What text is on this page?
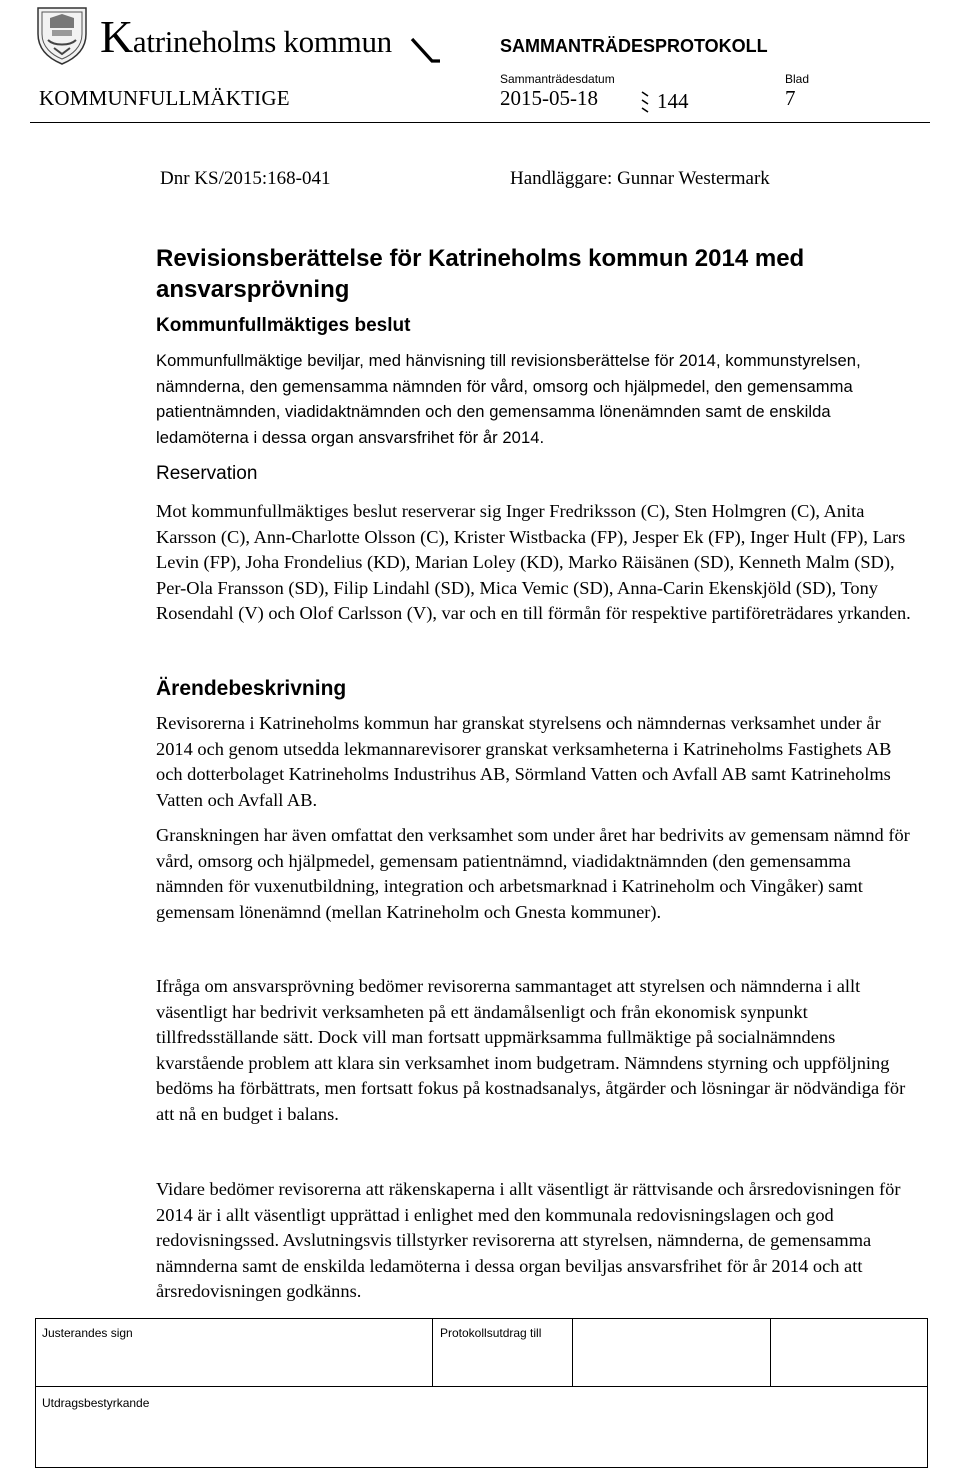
Katrineholms kommun	SAMMANTRÄDESPROTOKOLL
Sammanträdesdatum	Blad
KOMMUNFULLMÄKTIGE	2015-05-18	144	7
Dnr KS/2015:168-041	Handläggare: Gunnar Westermark
Revisionsberättelse för Katrineholms kommun 2014 med ansvarsprövning
Kommunfullmäktiges beslut
Kommunfullmäktige beviljar, med hänvisning till revisionsberättelse för 2014, kommunstyrelsen, nämnderna, den gemensamma nämnden för vård, omsorg och hjälpmedel, den gemensamma patientnämnden, viadidaktnämnden och den gemensamma lönenämnden samt de enskilda ledamöterna i dessa organ ansvarsfrihet för år 2014.
Reservation
Mot kommunfullmäktiges beslut reserverar sig Inger Fredriksson (C), Sten Holmgren (C), Anita Karsson (C), Ann-Charlotte Olsson (C), Krister Wistbacka (FP), Jesper Ek (FP), Inger Hult (FP), Lars Levin (FP), Joha Frondelius (KD), Marian Loley (KD), Marko Räisänen (SD), Kenneth Malm (SD), Per-Ola Fransson (SD), Filip Lindahl (SD), Mica Vemic (SD), Anna-Carin Ekenskjöld (SD), Tony Rosendahl (V) och Olof Carlsson (V), var och en till förmån för respektive partiföreträdares yrkanden.
Ärendebeskrivning
Revisorerna i Katrineholms kommun har granskat styrelsens och nämndernas verksamhet under år 2014 och genom utsedda lekmannarevisorer granskat verksamheterna i Katrineholms Fastighets AB och dotterbolaget Katrineholms Industrihus AB, Sörmland Vatten och Avfall AB samt Katrineholms Vatten och Avfall AB.
Granskningen har även omfattat den verksamhet som under året har bedrivits av gemensam nämnd för vård, omsorg och hjälpmedel, gemensam patientnämnd, viadidaktnämnden (den gemensamma nämnden för vuxenutbildning, integration och arbetsmarknad i Katrineholm och Vingåker) samt gemensam lönenämnd (mellan Katrineholm och Gnesta kommuner).
Ifråga om ansvarsprövning bedömer revisorerna sammantaget att styrelsen och nämnderna i allt väsentligt har bedrivit verksamheten på ett ändamålsenligt och från ekonomisk synpunkt tillfredsställande sätt. Dock vill man fortsatt uppmärksamma fullmäktige på socialnämndens kvarstående problem att klara sin verksamhet inom budgetram. Nämndens styrning och uppföljning bedöms ha förbättrats, men fortsatt fokus på kostnadsanalys, åtgärder och lösningar är nödvändiga för att nå en budget i balans.
Vidare bedömer revisorerna att räkenskaperna i allt väsentligt är rättvisande och årsredovisningen för 2014 är i allt väsentligt upprättad i enlighet med den kommunala redovisningslagen och god redovisningssed. Avslutningsvis tillstyrker revisorerna att styrelsen, nämnderna, de gemensamma nämnderna samt de enskilda ledamöterna i dessa organ beviljas ansvarsfrihet för år 2014 och att årsredovisningen godkänns.
Justerandes sign	Protokollsutdrag till
Utdragsbestyrkande
